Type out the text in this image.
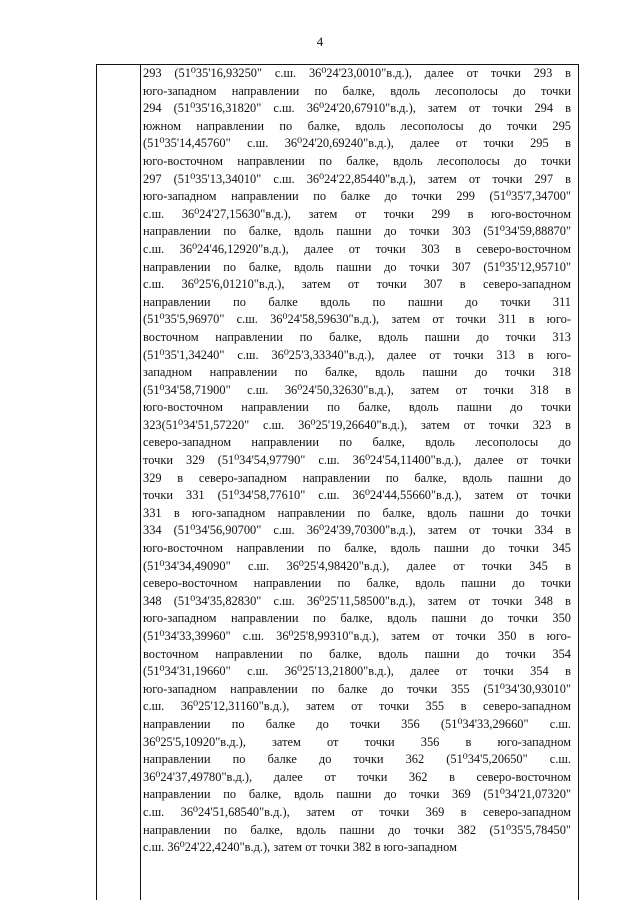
4
293 (51⁰35'16,93250" с.ш. 36⁰24'23,0010"в.д.), далее от точки 293 в
юго-западном направлении по балке, вдоль лесополосы до точки
294 (51⁰35'16,31820" с.ш. 36⁰24'20,67910"в.д.), затем от точки 294 в
южном направлении по балке, вдоль лесополосы до точки 295
(51⁰35'14,45760" с.ш. 36⁰24'20,69240"в.д.), далее от точки 295 в
юго-восточном направлении по балке, вдоль лесополосы до точки
297 (51⁰35'13,34010" с.ш. 36⁰24'22,85440"в.д.), затем от точки 297 в
юго-западном направлении по балке до точки 299 (51⁰35'7,34700"
с.ш. 36⁰24'27,15630"в.д.), затем от точки 299 в юго-восточном
направлении по балке, вдоль пашни до точки 303 (51⁰34'59,88870"
с.ш. 36⁰24'46,12920"в.д.), далее от точки 303 в северо-восточном
направлении по балке, вдоль пашни до точки 307 (51⁰35'12,95710"
с.ш. 36⁰25'6,01210"в.д.), затем от точки 307 в северо-западном
направлении по балке вдоль по пашни до точки 311
(51⁰35'5,96970" с.ш. 36⁰24'58,59630"в.д.), затем от точки 311 в юго-
восточном направлении по балке, вдоль пашни до точки 313
(51⁰35'1,34240" с.ш. 36⁰25'3,33340"в.д.), далее от точки 313 в юго-
западном направлении по балке, вдоль пашни до точки 318
(51⁰34'58,71900" с.ш. 36⁰24'50,32630"в.д.), затем от точки 318 в
юго-восточном направлении по балке, вдоль пашни до точки
323(51⁰34'51,57220" с.ш. 36⁰25'19,26640"в.д.), затем от точки 323 в
северо-западном направлении по балке, вдоль лесополосы до
точки 329 (51⁰34'54,97790" с.ш. 36⁰24'54,11400"в.д.), далее от точки
329 в северо-западном направлении по балке, вдоль пашни до
точки 331 (51⁰34'58,77610" с.ш. 36⁰24'44,55660"в.д.), затем от точки
331 в юго-западном направлении по балке, вдоль пашни до точки
334 (51⁰34'56,90700" с.ш. 36⁰24'39,70300"в.д.), затем от точки 334 в
юго-восточном направлении по балке, вдоль пашни до точки 345
(51⁰34'34,49090" с.ш. 36⁰25'4,98420"в.д.), далее от точки 345 в
северо-восточном направлении по балке, вдоль пашни до точки
348 (51⁰34'35,82830" с.ш. 36⁰25'11,58500"в.д.), затем от точки 348 в
юго-западном направлении по балке, вдоль пашни до точки 350
(51⁰34'33,39960" с.ш. 36⁰25'8,99310"в.д.), затем от точки 350 в юго-
восточном направлении по балке, вдоль пашни до точки 354
(51⁰34'31,19660" с.ш. 36⁰25'13,21800"в.д.), далее от точки 354 в
юго-западном направлении по балке до точки 355 (51⁰34'30,93010"
с.ш. 36⁰25'12,31160"в.д.), затем от точки 355 в северо-западном
направлении по балке до точки 356 (51⁰34'33,29660" с.ш.
36⁰25'5,10920"в.д.), затем от точки 356 в юго-западном
направлении по балке до точки 362 (51⁰34'5,20650" с.ш.
36⁰24'37,49780"в.д.), далее от точки 362 в северо-восточном
направлении по балке, вдоль пашни до точки 369 (51⁰34'21,07320"
с.ш. 36⁰24'51,68540"в.д.), затем от точки 369 в северо-западном
направлении по балке, вдоль пашни до точки 382 (51⁰35'5,78450"
с.ш. 36⁰24'22,4240"в.д.), затем от точки 382 в юго-западном
